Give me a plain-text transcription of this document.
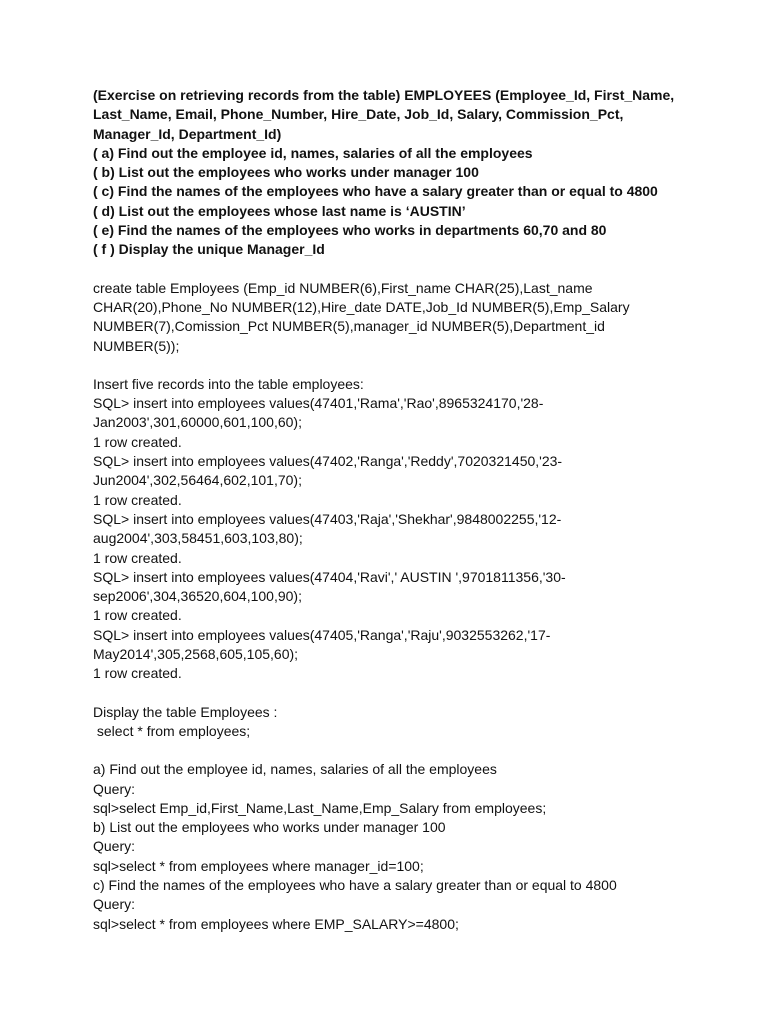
(Exercise on retrieving records from the table) EMPLOYEES (Employee_Id, First_Name,
Last_Name, Email, Phone_Number, Hire_Date, Job_Id, Salary, Commission_Pct,
Manager_Id, Department_Id)
( a) Find out the employee id, names, salaries of all the employees
( b) List out the employees who works under manager 100
( c) Find the names of the employees who have a salary greater than or equal to 4800
( d) List out the employees whose last name is ‘AUSTIN’
( e) Find the names of the employees who works in departments 60,70 and 80
( f ) Display the unique Manager_Id
create table Employees (Emp_id NUMBER(6),First_name CHAR(25),Last_name
CHAR(20),Phone_No NUMBER(12),Hire_date DATE,Job_Id NUMBER(5),Emp_Salary
NUMBER(7),Comission_Pct NUMBER(5),manager_id NUMBER(5),Department_id
NUMBER(5));
Insert five records into the table employees:
SQL> insert into employees values(47401,'Rama','Rao',8965324170,'28-
Jan2003',301,60000,601,100,60);
1 row created.
SQL> insert into employees values(47402,'Ranga','Reddy',7020321450,'23-
Jun2004',302,56464,602,101,70);
1 row created.
SQL> insert into employees values(47403,'Raja','Shekhar',9848002255,'12-
aug2004',303,58451,603,103,80);
1 row created.
SQL> insert into employees values(47404,'Ravi',' AUSTIN ',9701811356,'30-
sep2006',304,36520,604,100,90);
1 row created.
SQL> insert into employees values(47405,'Ranga','Raju',9032553262,'17-
May2014',305,2568,605,105,60);
1 row created.
Display the table Employees :
select * from employees;
a) Find out the employee id, names, salaries of all the employees
Query:
sql>select Emp_id,First_Name,Last_Name,Emp_Salary from employees;
b) List out the employees who works under manager 100
Query:
sql>select * from employees where manager_id=100;
c) Find the names of the employees who have a salary greater than or equal to 4800
Query:
sql>select * from employees where EMP_SALARY>=4800;
